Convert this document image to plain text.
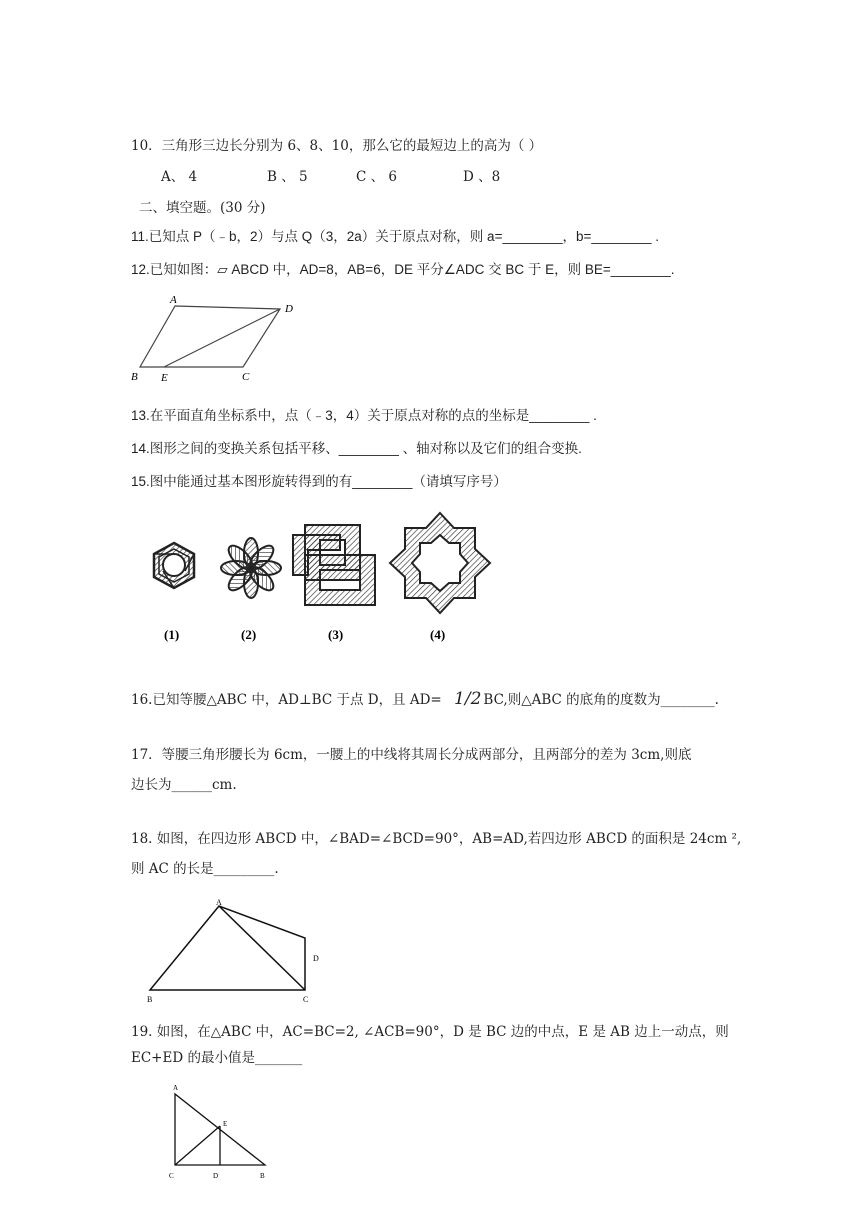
10．三角形三边长分别为 6、8、10，那么它的最短边上的高为（ ）
A、 4	B 、 5	C 、 6	D 、8
二、填空题。(30 分)
11.已知点 P（﹣b，2）与点 Q（3，2a）关于原点对称，则 a=________，b=________ .
12.已知如图：▱ ABCD 中，AD=8，AB=6，DE 平分∠ADC 交 BC 于 E，则 BE=________.
A
D
B E	C
13.在平面直角坐标系中，点（﹣3，4）关于原点对称的点的坐标是________ .
14.图形之间的变换关系包括平移、________ 、轴对称以及它们的组合变换.
15.图中能通过基本图形旋转得到的有________（请填写序号）
(1)	(2)	(3)	(4)
16.已知等腰△ABC 中，AD⊥BC 于点 D，且 AD= 1/2 BC,则△ABC 的底角的度数为________.
17．等腰三角形腰长为 6cm，一腰上的中线将其周长分成两部分，且两部分的差为 3cm,则底
边长为______cm.
18. 如图，在四边形 ABCD 中，∠BAD=∠BCD=90°，AB=AD,若四边形 ABCD 的面积是 24cm ²,
则 AC 的长是_________.
A
B	C
D
19. 如图，在△ABC 中，AC=BC=2, ∠ACB=90°，D 是 BC 边的中点，E 是 AB 边上一动点，则
EC+ED 的最小值是_______
A
E
C	D	B
